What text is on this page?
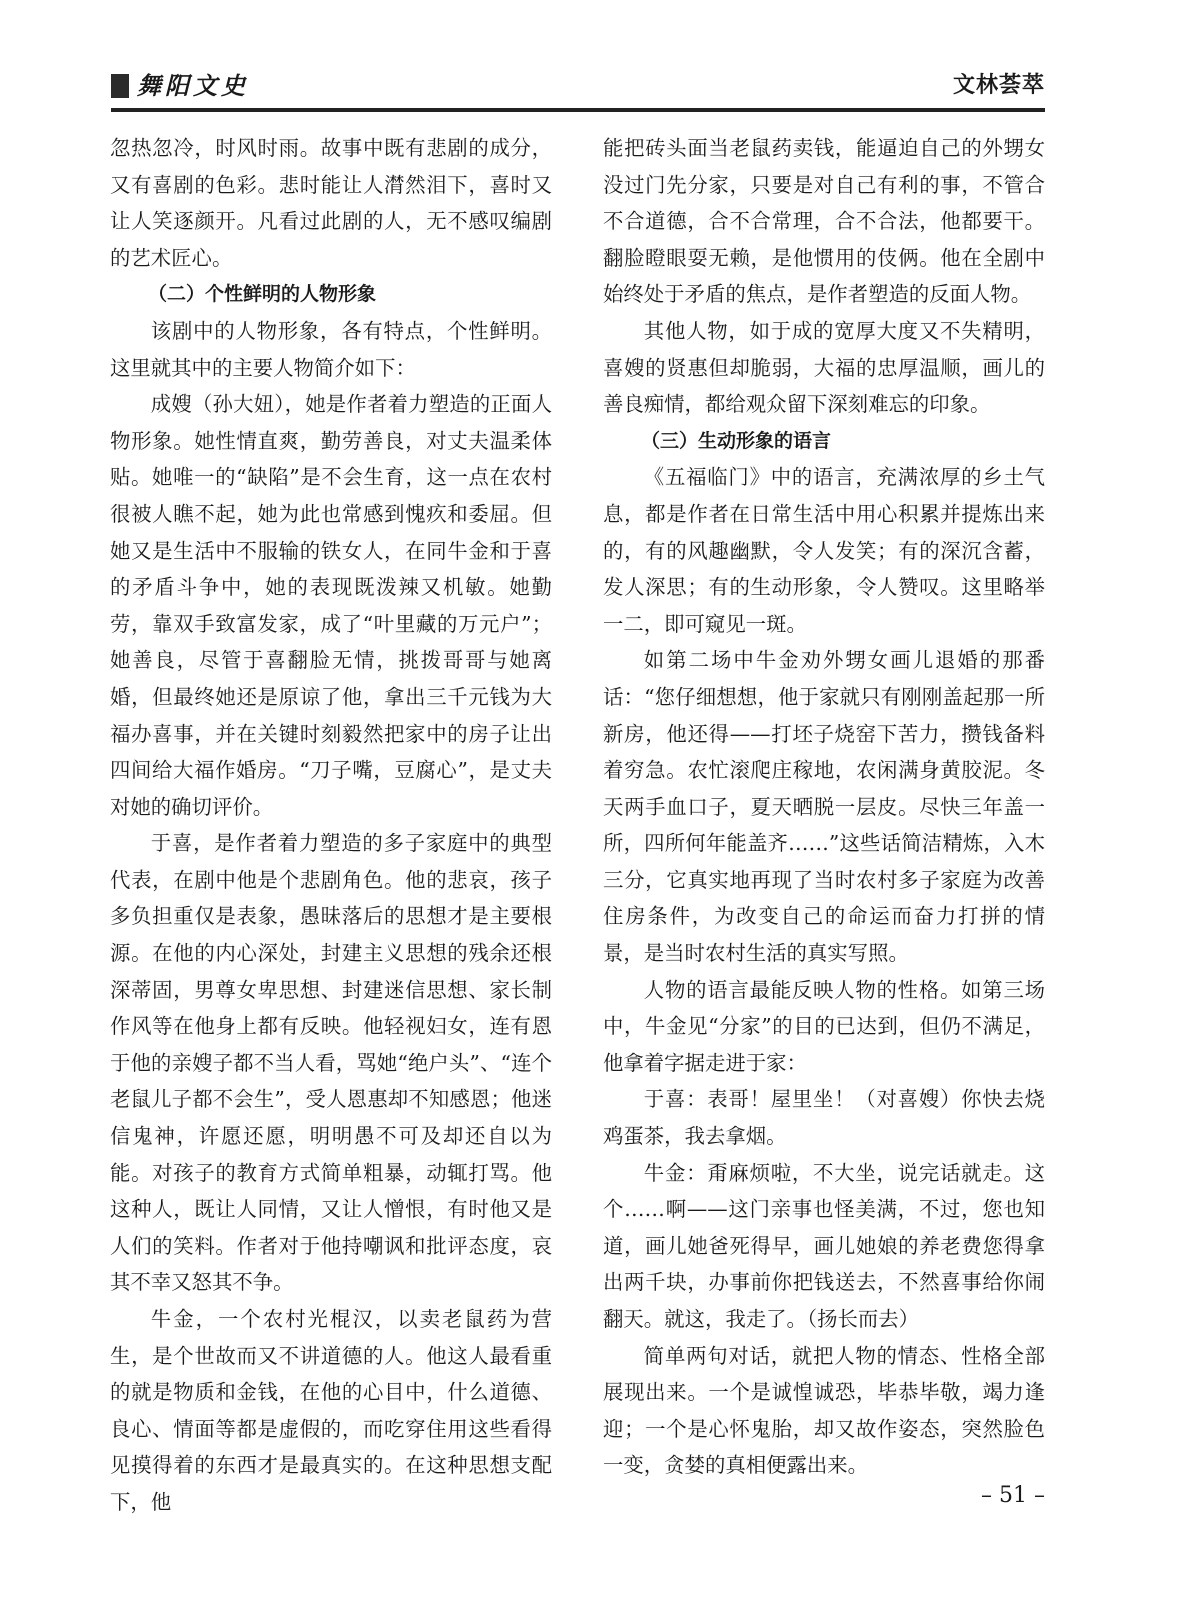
舞阳文史	文林荟萃

忽热忽冷，时风时雨。故事中既有悲剧的成分，又有喜剧的色彩。悲时能让人潸然泪下，喜时又让人笑逐颜开。凡看过此剧的人，无不感叹编剧的艺术匠心。

（二）个性鲜明的人物形象

该剧中的人物形象，各有特点，个性鲜明。这里就其中的主要人物简介如下：

成嫂（孙大妞），她是作者着力塑造的正面人物形象。她性情直爽，勤劳善良，对丈夫温柔体贴。她唯一的“缺陷”是不会生育，这一点在农村很被人瞧不起，她为此也常感到愧疚和委屈。但她又是生活中不服输的铁女人，在同牛金和于喜的矛盾斗争中，她的表现既泼辣又机敏。她勤劳，靠双手致富发家，成了“叶里藏的万元户”；她善良，尽管于喜翻脸无情，挑拨哥哥与她离婚，但最终她还是原谅了他，拿出三千元钱为大福办喜事，并在关键时刻毅然把家中的房子让出四间给大福作婚房。“刀子嘴，豆腐心”，是丈夫对她的确切评价。

于喜，是作者着力塑造的多子家庭中的典型代表，在剧中他是个悲剧角色。他的悲哀，孩子多负担重仅是表象，愚昧落后的思想才是主要根源。在他的内心深处，封建主义思想的残余还根深蒂固，男尊女卑思想、封建迷信思想、家长制作风等在他身上都有反映。他轻视妇女，连有恩于他的亲嫂子都不当人看，骂她“绝户头”、“连个老鼠儿子都不会生”，受人恩惠却不知感恩；他迷信鬼神，许愿还愿，明明愚不可及却还自以为能。对孩子的教育方式简单粗暴，动辄打骂。他这种人，既让人同情，又让人憎恨，有时他又是人们的笑料。作者对于他持嘲讽和批评态度，哀其不幸又怒其不争。

牛金，一个农村光棍汉，以卖老鼠药为营生，是个世故而又不讲道德的人。他这人最看重的就是物质和金钱，在他的心目中，什么道德、良心、情面等都是虚假的，而吃穿住用这些看得见摸得着的东西才是最真实的。在这种思想支配下，他

能把砖头面当老鼠药卖钱，能逼迫自己的外甥女没过门先分家，只要是对自己有利的事，不管合不合道德，合不合常理，合不合法，他都要干。翻脸瞪眼耍无赖，是他惯用的伎俩。他在全剧中始终处于矛盾的焦点，是作者塑造的反面人物。

其他人物，如于成的宽厚大度又不失精明，喜嫂的贤惠但却脆弱，大福的忠厚温顺，画儿的善良痴情，都给观众留下深刻难忘的印象。

（三）生动形象的语言

《五福临门》中的语言，充满浓厚的乡土气息，都是作者在日常生活中用心积累并提炼出来的，有的风趣幽默，令人发笑；有的深沉含蓄，发人深思；有的生动形象，令人赞叹。这里略举一二，即可窥见一斑。

如第二场中牛金劝外甥女画儿退婚的那番话：“您仔细想想，他于家就只有刚刚盖起那一所新房，他还得——打坯子烧窑下苦力，攒钱备料着穷急。农忙滚爬庄稼地，农闲满身黄胶泥。冬天两手血口子，夏天晒脱一层皮。尽快三年盖一所，四所何年能盖齐……”这些话简洁精炼，入木三分，它真实地再现了当时农村多子家庭为改善住房条件，为改变自己的命运而奋力打拼的情景，是当时农村生活的真实写照。

人物的语言最能反映人物的性格。如第三场中，牛金见“分家”的目的已达到，但仍不满足，他拿着字据走进于家：

于喜：表哥！屋里坐！（对喜嫂）你快去烧鸡蛋茶，我去拿烟。

牛金：甭麻烦啦，不大坐，说完话就走。这个……啊——这门亲事也怪美满，不过，您也知道，画儿她爸死得早，画儿她娘的养老费您得拿出两千块，办事前你把钱送去，不然喜事给你闹翻天。就这，我走了。（扬长而去）

简单两句对话，就把人物的情态、性格全部展现出来。一个是诚惶诚恐，毕恭毕敬，竭力逢迎；一个是心怀鬼胎，却又故作姿态，突然脸色一变，贪婪的真相便露出来。

– 51 –
